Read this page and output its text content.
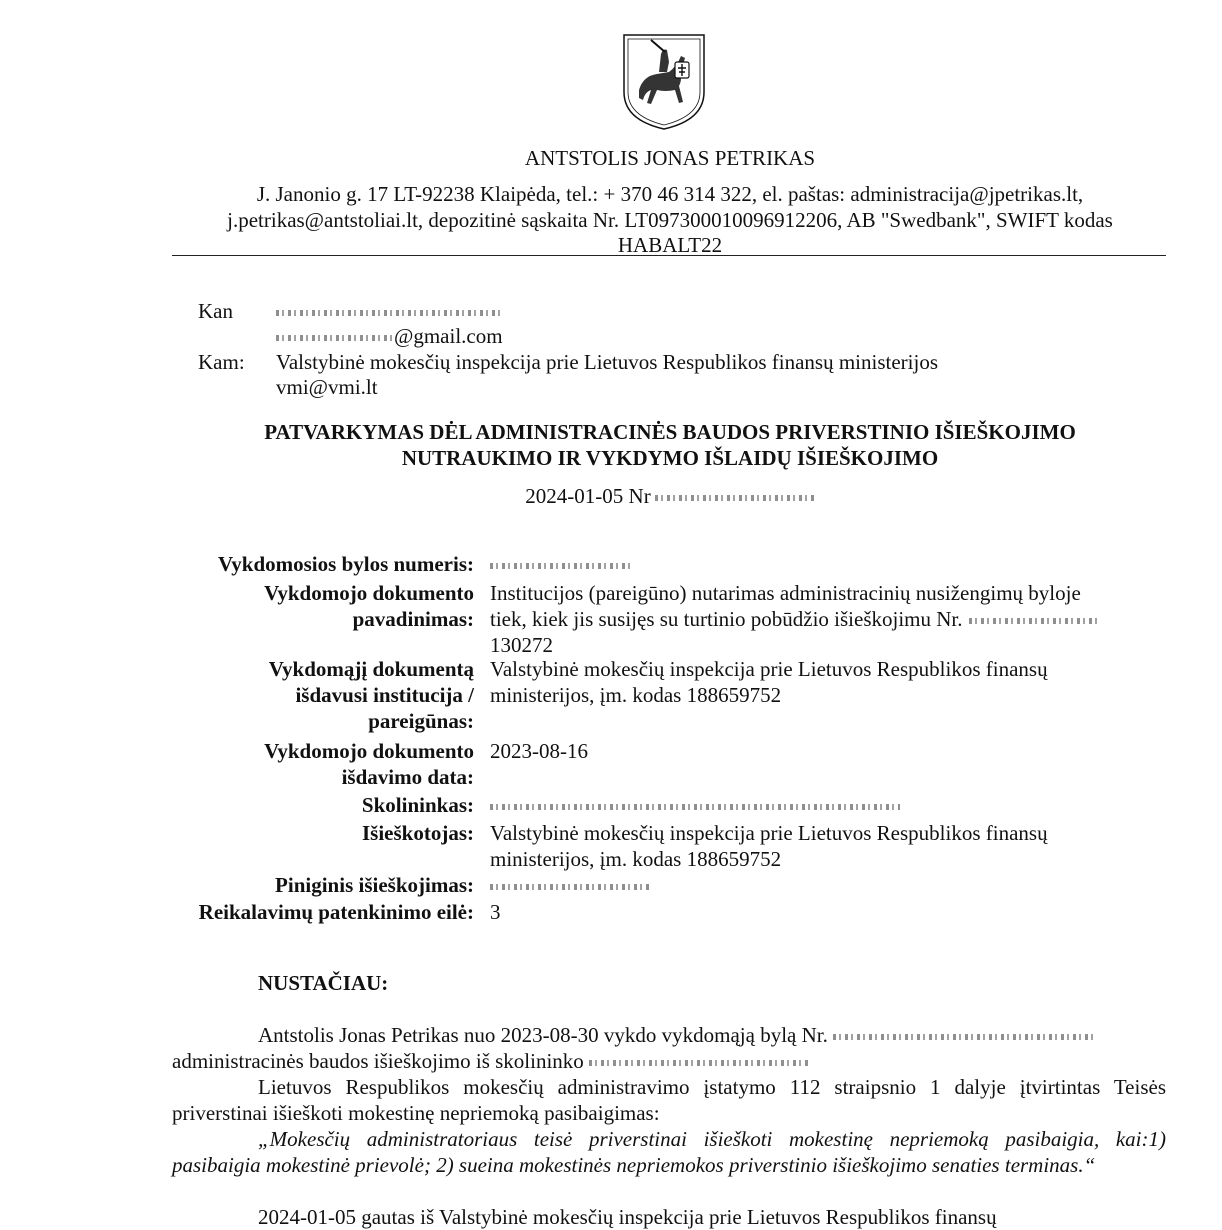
ANTSTOLIS JONAS PETRIKAS
J. Janonio g. 17 LT-92238 Klaipėda, tel.: + 370 46 314 322, el. paštas: administracija@jpetrikas.lt,
j.petrikas@antstoliai.lt, depozitinė sąskaita Nr. LT097300010096912206, AB "Swedbank", SWIFT kodas
HABALT22
Kan
@gmail.com
Kam: Valstybinė mokesčių inspekcija prie Lietuvos Respublikos finansų ministerijos
vmi@vmi.lt
PATVARKYMAS DĖL ADMINISTRACINĖS BAUDOS PRIVERSTINIO IŠIEŠKOJIMO
NUTRAUKIMO IR VYKDYMO IŠLAIDŲ IŠIEŠKOJIMO
2024-01-05 Nr
Vykdomosios bylos numeris:
Vykdomojo dokumento
pavadinimas:
Institucijos (pareigūno) nutarimas administracinių nusižengimų byloje
tiek, kiek jis susijęs su turtinio pobūdžio išieškojimu Nr.
130272
Vykdomąjį dokumentą
išdavusi institucija /
pareigūnas:
Valstybinė mokesčių inspekcija prie Lietuvos Respublikos finansų
ministerijos, įm. kodas 188659752
Vykdomojo dokumento
išdavimo data:
2023-08-16
Skolininkas:
Išieškotojas: Valstybinė mokesčių inspekcija prie Lietuvos Respublikos finansų
ministerijos, įm. kodas 188659752
Piniginis išieškojimas:
Reikalavimų patenkinimo eilė: 3
NUSTAČIAU:
Antstolis Jonas Petrikas nuo 2023-08-30 vykdo vykdomąją bylą Nr.
administracinės baudos išieškojimo iš skolininko
Lietuvos Respublikos mokesčių administravimo įstatymo 112 straipsnio 1 dalyje įtvirtintas Teisės priverstinai išieškoti mokestinę nepriemoką pasibaigimas:
„Mokesčių administratoriaus teisė priverstinai išieškoti mokestinę nepriemoką pasibaigia, kai:1) pasibaigia mokestinė prievolė; 2) sueina mokestinės nepriemokos priverstinio išieškojimo senaties terminas.“
2024-01-05 gautas iš Valstybinė mokesčių inspekcija prie Lietuvos Respublikos finansų
